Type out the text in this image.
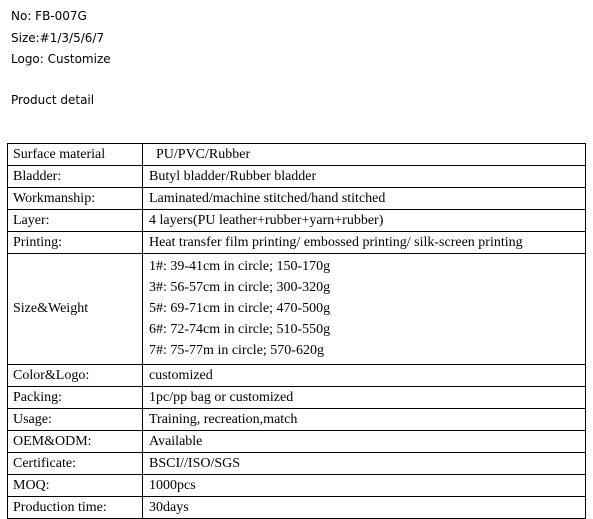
No: FB-007G
Size:#1/3/5/6/7
Logo: Customize
Product detail
Surface material	PU/PVC/Rubber
Bladder:	Butyl bladder/Rubber bladder
Workmanship:	Laminated/machine stitched/hand stitched
Layer:	4 layers(PU leather+rubber+yarn+rubber)
Printing:	Heat transfer film printing/ embossed printing/ silk-screen printing
Size&Weight	1#: 39-41cm in circle; 150-170g
3#: 56-57cm in circle; 300-320g
5#: 69-71cm in circle; 470-500g
6#: 72-74cm in circle; 510-550g
7#: 75-77m in circle; 570-620g

Color&Logo:	customized
Packing:	1pc/pp bag or customized
Usage:	Training, recreation,match
OEM&ODM:	Available
Certificate:	BSCI//ISO/SGS
MOQ:	1000pcs
Production time:	30days
